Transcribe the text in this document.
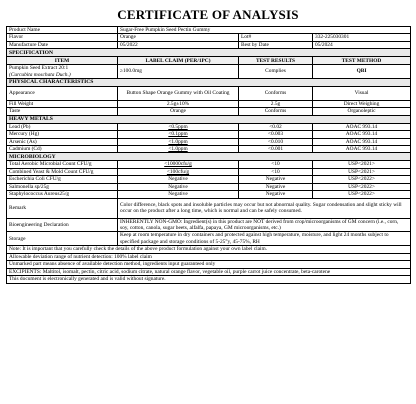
CERTIFICATE OF ANALYSIS
Product Name	Sugar-Free Pumpkin Seed Pectin Gummy		
Flavor	Orange	Lot#	332-225030301
Manufacture Date	05/2022	Best by Date	05/2024
SPECIFICATION			
ITEM	LABEL CLAIM (PER/1PC)	TEST RESULTS	TEST METHOD

Pumpkin Seed Extract 20:1
(Curcubita moschata Duch.)	≥100.0mg	Complies	QBI
PHYSICAL CHARACTERISTICS			
Appearance	Button Shape Orange Gummy with Oil Coating	Conforms	Visual
Fill Weight	2.5g±10%	2.5g	Direct Weighing
Taste	Orange	Conforms	Organoleptic
HEAVY METALS			
Lead (Pb)	<0.5ppm	<0.02	AOAC 993.14
Mercury (Hg)	<0.1ppm	<0.003	AOAC 993.14
Arsenic (As)	<1.0ppm	<0.010	AOAC 993.14
Cadmium (Cd)	<1.0ppm	<0.001	AOAC 993.14
MICROBIOLOGY			
Total Aerobic Microbial Count CFU/g	<10000cfu/g	<10	USP<2021>
Combined Yeast & Mold Count CFU/g	<100cfu/g	<10	USP<2021>
Escherichia Coli CFU/g	Negative	Negative	USP<2022>
Salmonella sp/25g	Negative	Negative	USP<2022>
Staphylococcus Aureus25/g	Negative	Negative	USP<2022>
Remark	Color difference, black spots and insoluble particles may occur but not abnormal quality. Sugar condensation and slight sticky will occur on the product after a long time, which is normal and can be safely consumed.		
Bioengineering Declaration	INHERENTLY NON-GMO: Ingredient(s) in this product are NOT derived from crop/microorganisms of GM concern (i.e., corn, soy, cotton, canola, sugar beets, alfalfa, papaya, GM microorganisms, etc.)		
Storage	Keep at room temperature in dry containers and protected against high temperature, moisture, and light 24 months subject to specified package and storage conditions of 5-25°y, 45-75%, RH		
Note: It is important that you carefully check the details of the above product formulation against your own label claim.			
Allowable deviation range of nutrient detection: 100% label claim			
Unmarked part means absence of available detection method, ingredients input guaranteed only			
EXCIPIENTS: Maltitol, isomalt, pectin, citric acid, sodium citrate, natural orange flavor, vegetable oil, purple carrot juice concentrate, beta-carotene			
This document is electronically generated and is valid without signature.			
